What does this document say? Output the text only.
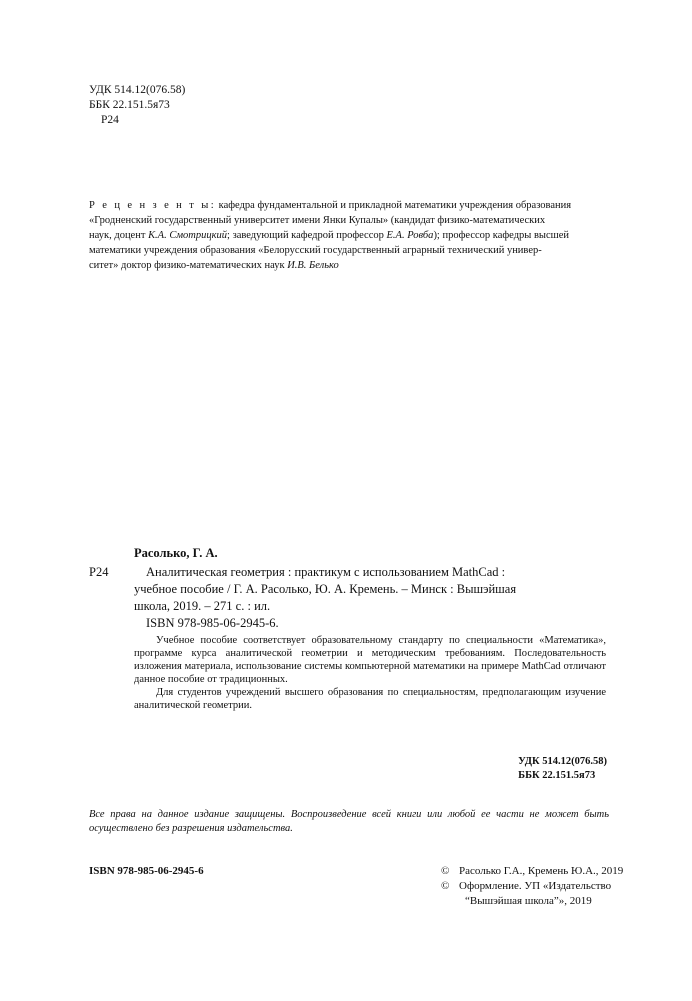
УДК 514.12(076.58)
ББК 22.151.5я73
Р24
Р е ц е н з е н т ы: кафедра фундаментальной и прикладной математики учреждения образования
«Гродненский государственный университет имени Янки Купалы» (кандидат физико-математических
наук, доцент К.А. Смотрицкий; заведующий кафедрой профессор Е.А. Ровба); профессор кафедры высшей
математики учреждения образования «Белорусский государственный аграрный технический универ-
ситет» доктор физико-математических наук И.В. Белько
Расолько, Г. А.
Р24	Аналитическая геометрия : практикум с использованием MathCad :
учебное пособие / Г. А. Расолько, Ю. А. Кремень. – Минск : Вышэйшая
школа, 2019. – 271 с. : ил.
ISBN 978-985-06-2945-6.
Учебное пособие соответствует образовательному стандарту по специальности «Математика», программе курса аналитической геометрии и методическим требованиям. Последовательность изложения материала, использование системы компьютерной математики на примере MathCad отличают данное пособие от традиционных.
Для студентов учреждений высшего образования по специальностям, предполагающим изучение аналитической геометрии.
УДК 514.12(076.58)
ББК 22.151.5я73
Все права на данное издание защищены. Воспроизведение всей книги или любой ее части не может быть осуществлено без разрешения издательства.
ISBN 978-985-06-2945-6	© Расолько Г.А., Кремень Ю.А., 2019
© Оформление. УП «Издательство
“Вышэйшая школа”», 2019
